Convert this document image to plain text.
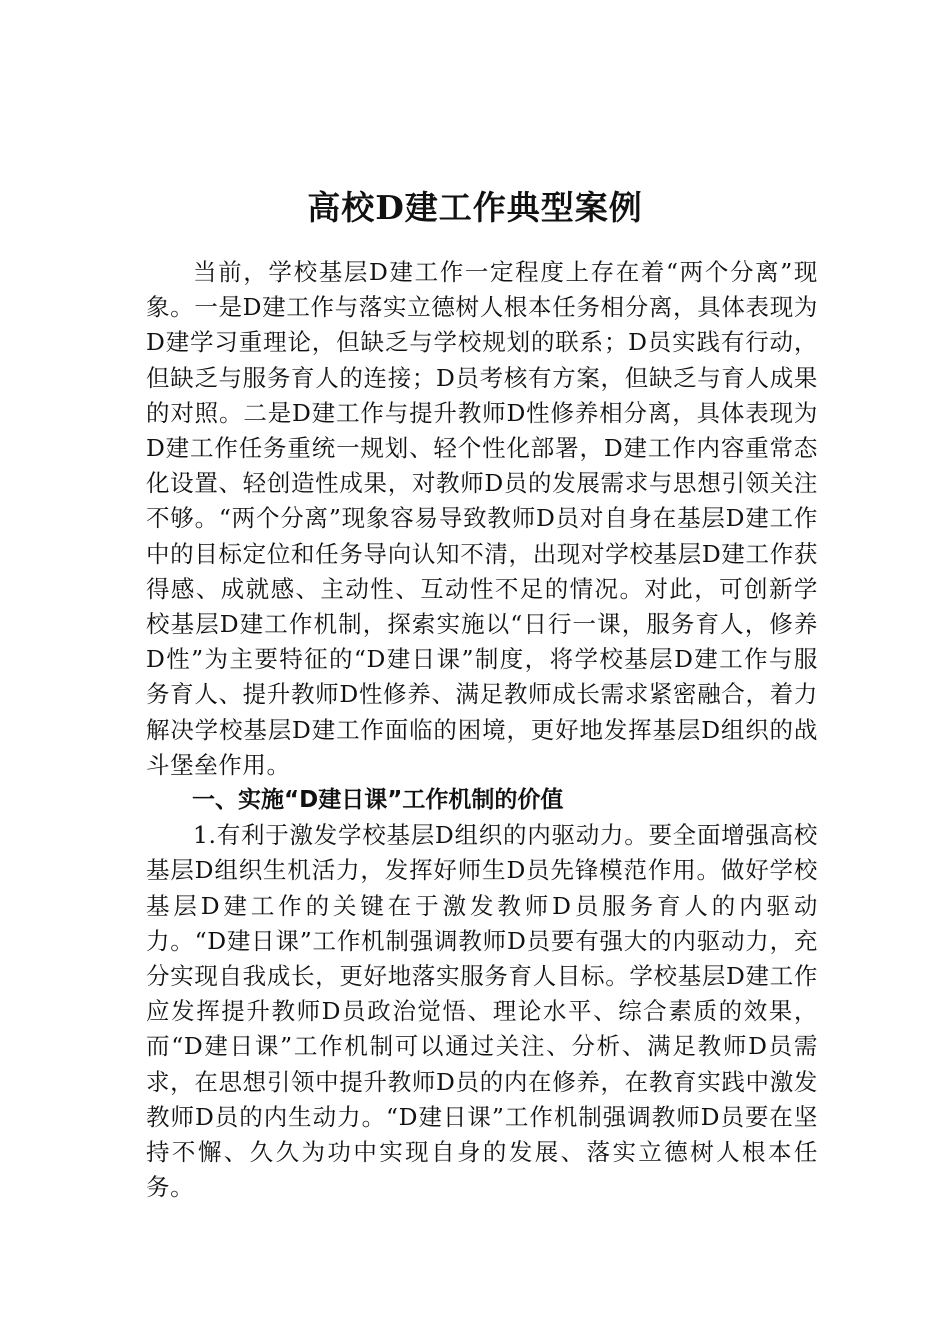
高校D建工作典型案例

当前，学校基层D建工作一定程度上存在着“两个分离”现象。一是D建工作与落实立德树人根本任务相分离，具体表现为D建学习重理论，但缺乏与学校规划的联系；D员实践有行动，但缺乏与服务育人的连接；D员考核有方案，但缺乏与育人成果的对照。二是D建工作与提升教师D性修养相分离，具体表现为D建工作任务重统一规划、轻个性化部署，D建工作内容重常态化设置、轻创造性成果，对教师D员的发展需求与思想引领关注不够。“两个分离”现象容易导致教师D员对自身在基层D建工作中的目标定位和任务导向认知不清，出现对学校基层D建工作获得感、成就感、主动性、互动性不足的情况。对此，可创新学校基层D建工作机制，探索实施以“日行一课，服务育人，修养D性”为主要特征的“D建日课”制度，将学校基层D建工作与服务育人、提升教师D性修养、满足教师成长需求紧密融合，着力解决学校基层D建工作面临的困境，更好地发挥基层D组织的战斗堡垒作用。

一、实施“D建日课”工作机制的价值

1.有利于激发学校基层D组织的内驱动力。要全面增强高校基层D组织生机活力，发挥好师生D员先锋模范作用。做好学校基层D建工作的关键在于激发教师D员服务育人的内驱动力。“D建日课”工作机制强调教师D员要有强大的内驱动力，充分实现自我成长，更好地落实服务育人目标。学校基层D建工作应发挥提升教师D员政治觉悟、理论水平、综合素质的效果，而“D建日课”工作机制可以通过关注、分析、满足教师D员需求，在思想引领中提升教师D员的内在修养，在教育实践中激发教师D员的内生动力。“D建日课”工作机制强调教师D员要在坚持不懈、久久为功中实现自身的发展、落实立德树人根本任务。
